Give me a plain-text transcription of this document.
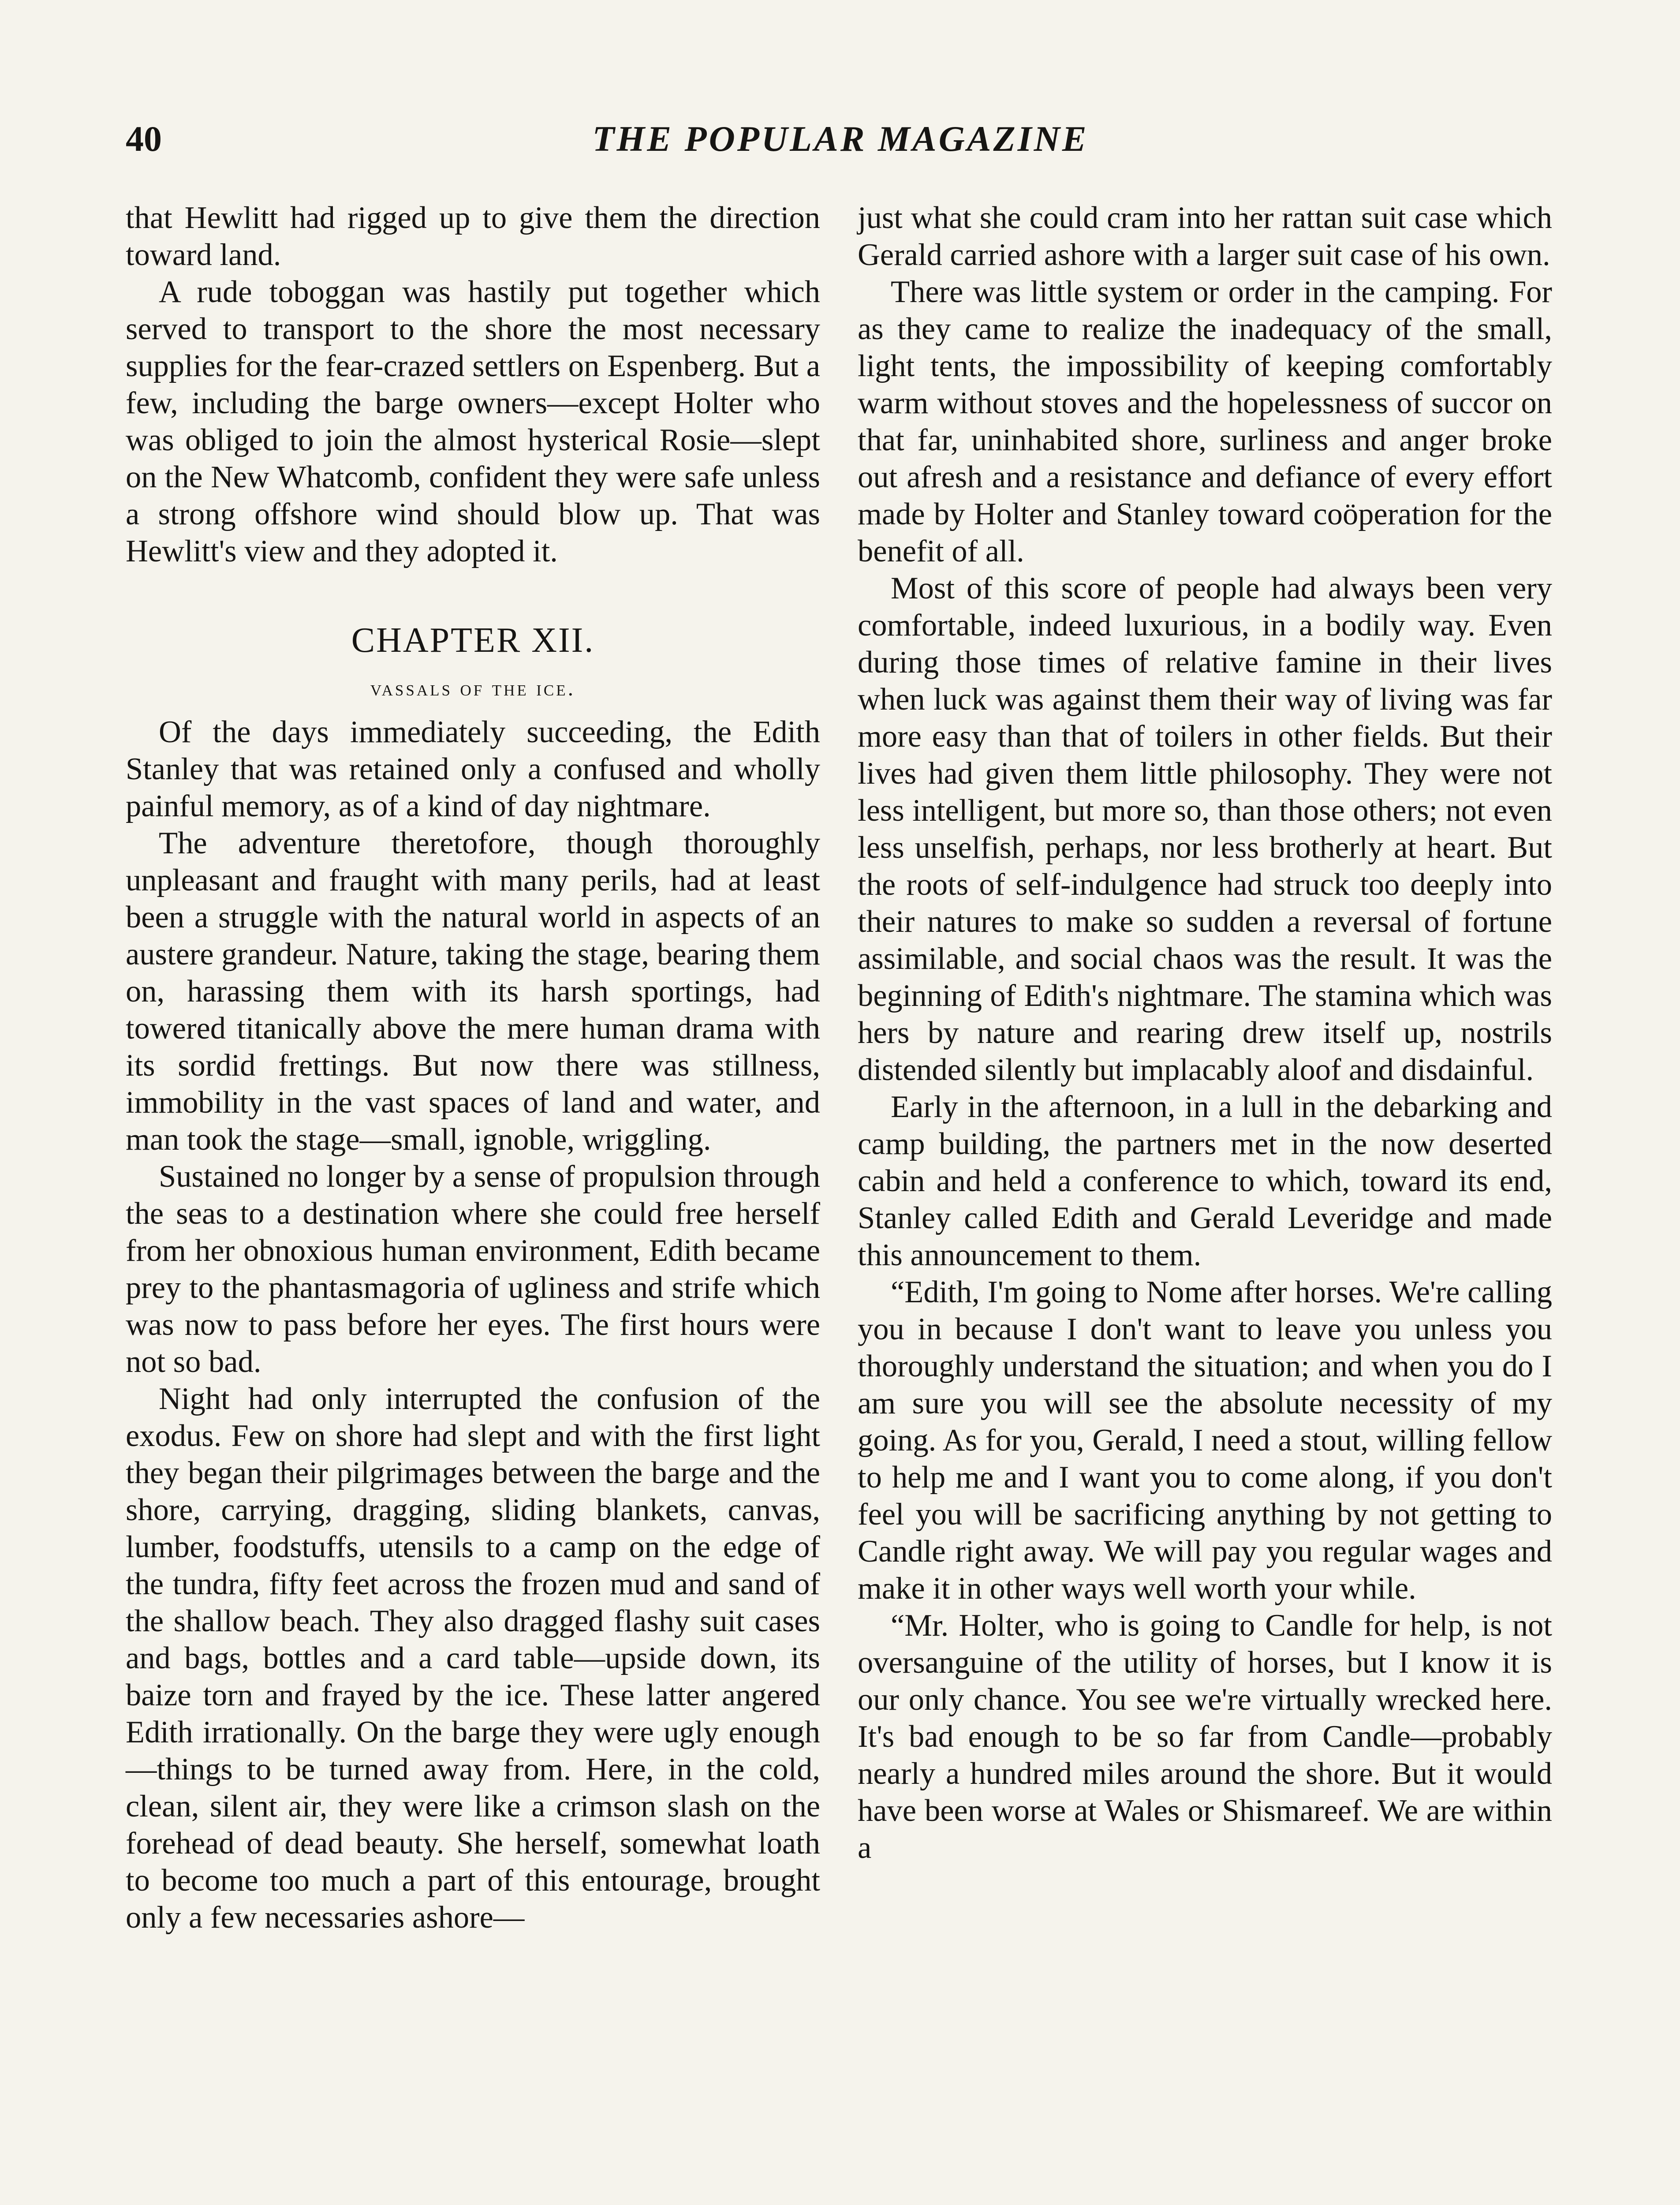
40	THE POPULAR MAGAZINE

that Hewlitt had rigged up to give them the direction toward land.

A rude toboggan was hastily put together which served to transport to the shore the most necessary supplies for the fear-crazed settlers on Espenberg. But a few, including the barge owners—except Holter who was obliged to join the almost hysterical Rosie—slept on the New Whatcomb, confident they were safe unless a strong offshore wind should blow up. That was Hewlitt's view and they adopted it.

CHAPTER XII.
vassals of the ice.

Of the days immediately succeeding, the Edith Stanley that was retained only a confused and wholly painful memory, as of a kind of day nightmare.

The adventure theretofore, though thoroughly unpleasant and fraught with many perils, had at least been a struggle with the natural world in aspects of an austere grandeur. Nature, taking the stage, bearing them on, harassing them with its harsh sportings, had towered titanically above the mere human drama with its sordid frettings. But now there was stillness, immobility in the vast spaces of land and water, and man took the stage—small, ignoble, wriggling.

Sustained no longer by a sense of propulsion through the seas to a destination where she could free herself from her obnoxious human environment, Edith became prey to the phantasmagoria of ugliness and strife which was now to pass before her eyes. The first hours were not so bad.

Night had only interrupted the confusion of the exodus. Few on shore had slept and with the first light they began their pilgrimages between the barge and the shore, carrying, dragging, sliding blankets, canvas, lumber, foodstuffs, utensils to a camp on the edge of the tundra, fifty feet across the frozen mud and sand of the shallow beach. They also dragged flashy suit cases and bags, bottles and a card table—upside down, its baize torn and frayed by the ice. These latter angered Edith irrationally. On the barge they were ugly enough—things to be turned away from. Here, in the cold, clean, silent air, they were like a crimson slash on the forehead of dead beauty. She herself, somewhat loath to become too much a part of this entourage, brought only a few necessaries ashore—

just what she could cram into her rattan suit case which Gerald carried ashore with a larger suit case of his own.

There was little system or order in the camping. For as they came to realize the inadequacy of the small, light tents, the impossibility of keeping comfortably warm without stoves and the hopelessness of succor on that far, uninhabited shore, surliness and anger broke out afresh and a resistance and defiance of every effort made by Holter and Stanley toward coöperation for the benefit of all.

Most of this score of people had always been very comfortable, indeed luxurious, in a bodily way. Even during those times of relative famine in their lives when luck was against them their way of living was far more easy than that of toilers in other fields. But their lives had given them little philosophy. They were not less intelligent, but more so, than those others; not even less unselfish, perhaps, nor less brotherly at heart. But the roots of self-indulgence had struck too deeply into their natures to make so sudden a reversal of fortune assimilable, and social chaos was the result. It was the beginning of Edith's nightmare. The stamina which was hers by nature and rearing drew itself up, nostrils distended silently but implacably aloof and disdainful.

Early in the afternoon, in a lull in the debarking and camp building, the partners met in the now deserted cabin and held a conference to which, toward its end, Stanley called Edith and Gerald Leveridge and made this announcement to them.

“Edith, I'm going to Nome after horses. We're calling you in because I don't want to leave you unless you thoroughly understand the situation; and when you do I am sure you will see the absolute necessity of my going. As for you, Gerald, I need a stout, willing fellow to help me and I want you to come along, if you don't feel you will be sacrificing anything by not getting to Candle right away. We will pay you regular wages and make it in other ways well worth your while.

“Mr. Holter, who is going to Candle for help, is not oversanguine of the utility of horses, but I know it is our only chance. You see we're virtually wrecked here. It's bad enough to be so far from Candle—probably nearly a hundred miles around the shore. But it would have been worse at Wales or Shismareef. We are within a
